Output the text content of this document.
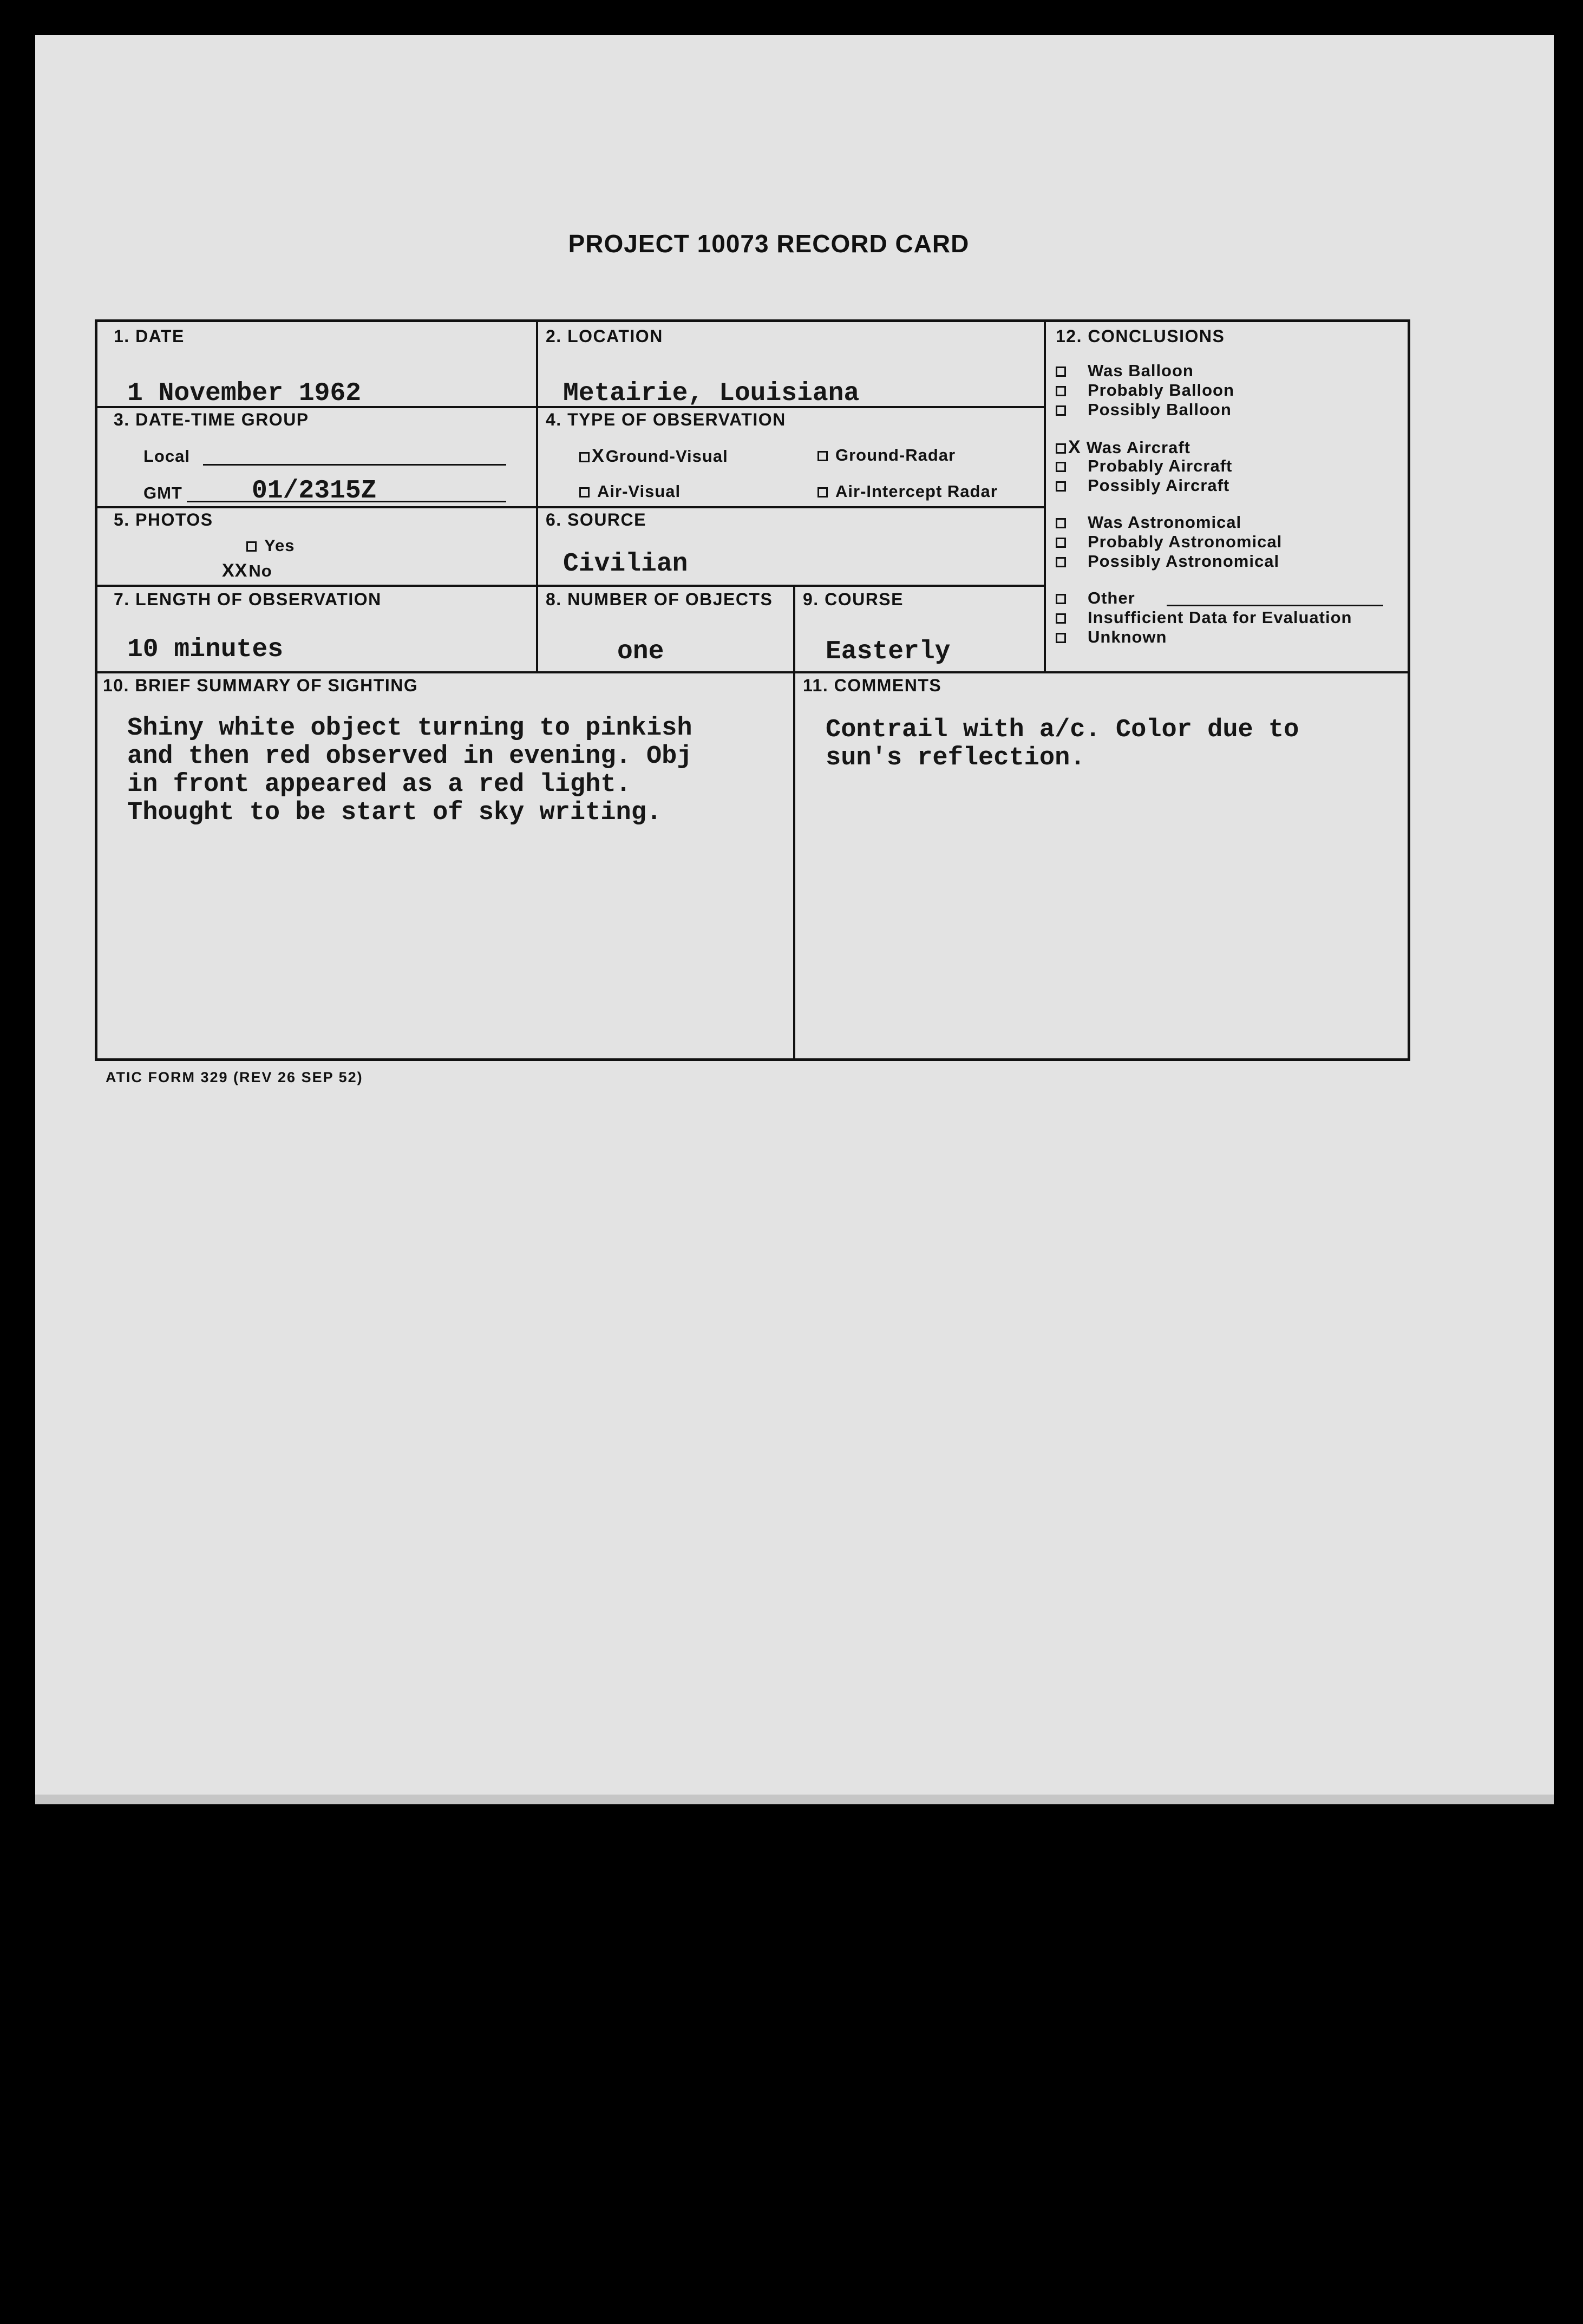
PROJECT 10073 RECORD CARD
1. DATE
1 November 1962
2. LOCATION
Metairie, Louisiana
3. DATE-TIME GROUP
Local
GMT	01/2315Z
4. TYPE OF OBSERVATION
XGround-Visual	Ground-Radar
Air-Visual	Air-Intercept Radar
5. PHOTOS
Yes
XXNo
6. SOURCE
Civilian
7. LENGTH OF OBSERVATION
10 minutes
8. NUMBER OF OBJECTS
one
9. COURSE
Easterly
12. CONCLUSIONS
Was Balloon
Probably Balloon
Possibly Balloon
X Was Aircraft
Probably Aircraft
Possibly Aircraft
Was Astronomical
Probably Astronomical
Possibly Astronomical
Other
Insufficient Data for Evaluation
Unknown
10. BRIEF SUMMARY OF SIGHTING
Shiny white object turning to pinkish
and then red observed in evening. Obj
in front appeared as a red light.
Thought to be start of sky writing.
11. COMMENTS
Contrail with a/c. Color due to
sun's reflection.
ATIC FORM 329 (REV 26 SEP 52)
